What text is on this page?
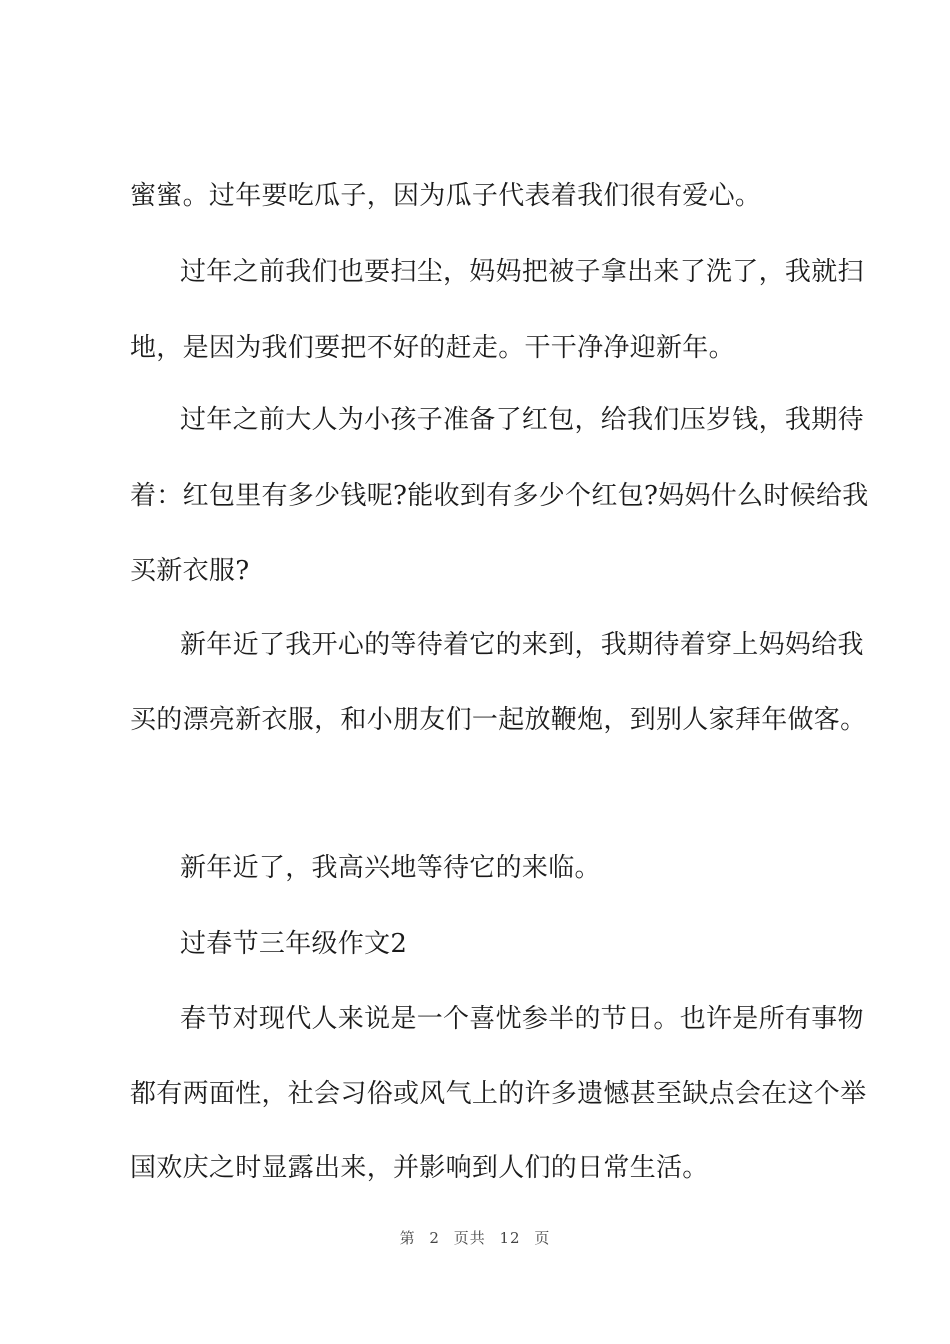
蜜蜜。过年要吃瓜子，因为瓜子代表着我们很有爱心。
过年之前我们也要扫尘，妈妈把被子拿出来了洗了，我就扫
地，是因为我们要把不好的赶走。干干净净迎新年。
过年之前大人为小孩子准备了红包，给我们压岁钱，我期待
着：红包里有多少钱呢?能收到有多少个红包?妈妈什么时候给我
买新衣服?
新年近了我开心的等待着它的来到，我期待着穿上妈妈给我
买的漂亮新衣服，和小朋友们一起放鞭炮，到别人家拜年做客。
新年近了，我高兴地等待它的来临。
过春节三年级作文2
春节对现代人来说是一个喜忧参半的节日。也许是所有事物
都有两面性，社会习俗或风气上的许多遗憾甚至缺点会在这个举
国欢庆之时显露出来，并影响到人们的日常生活。
第 2 页共 12 页
